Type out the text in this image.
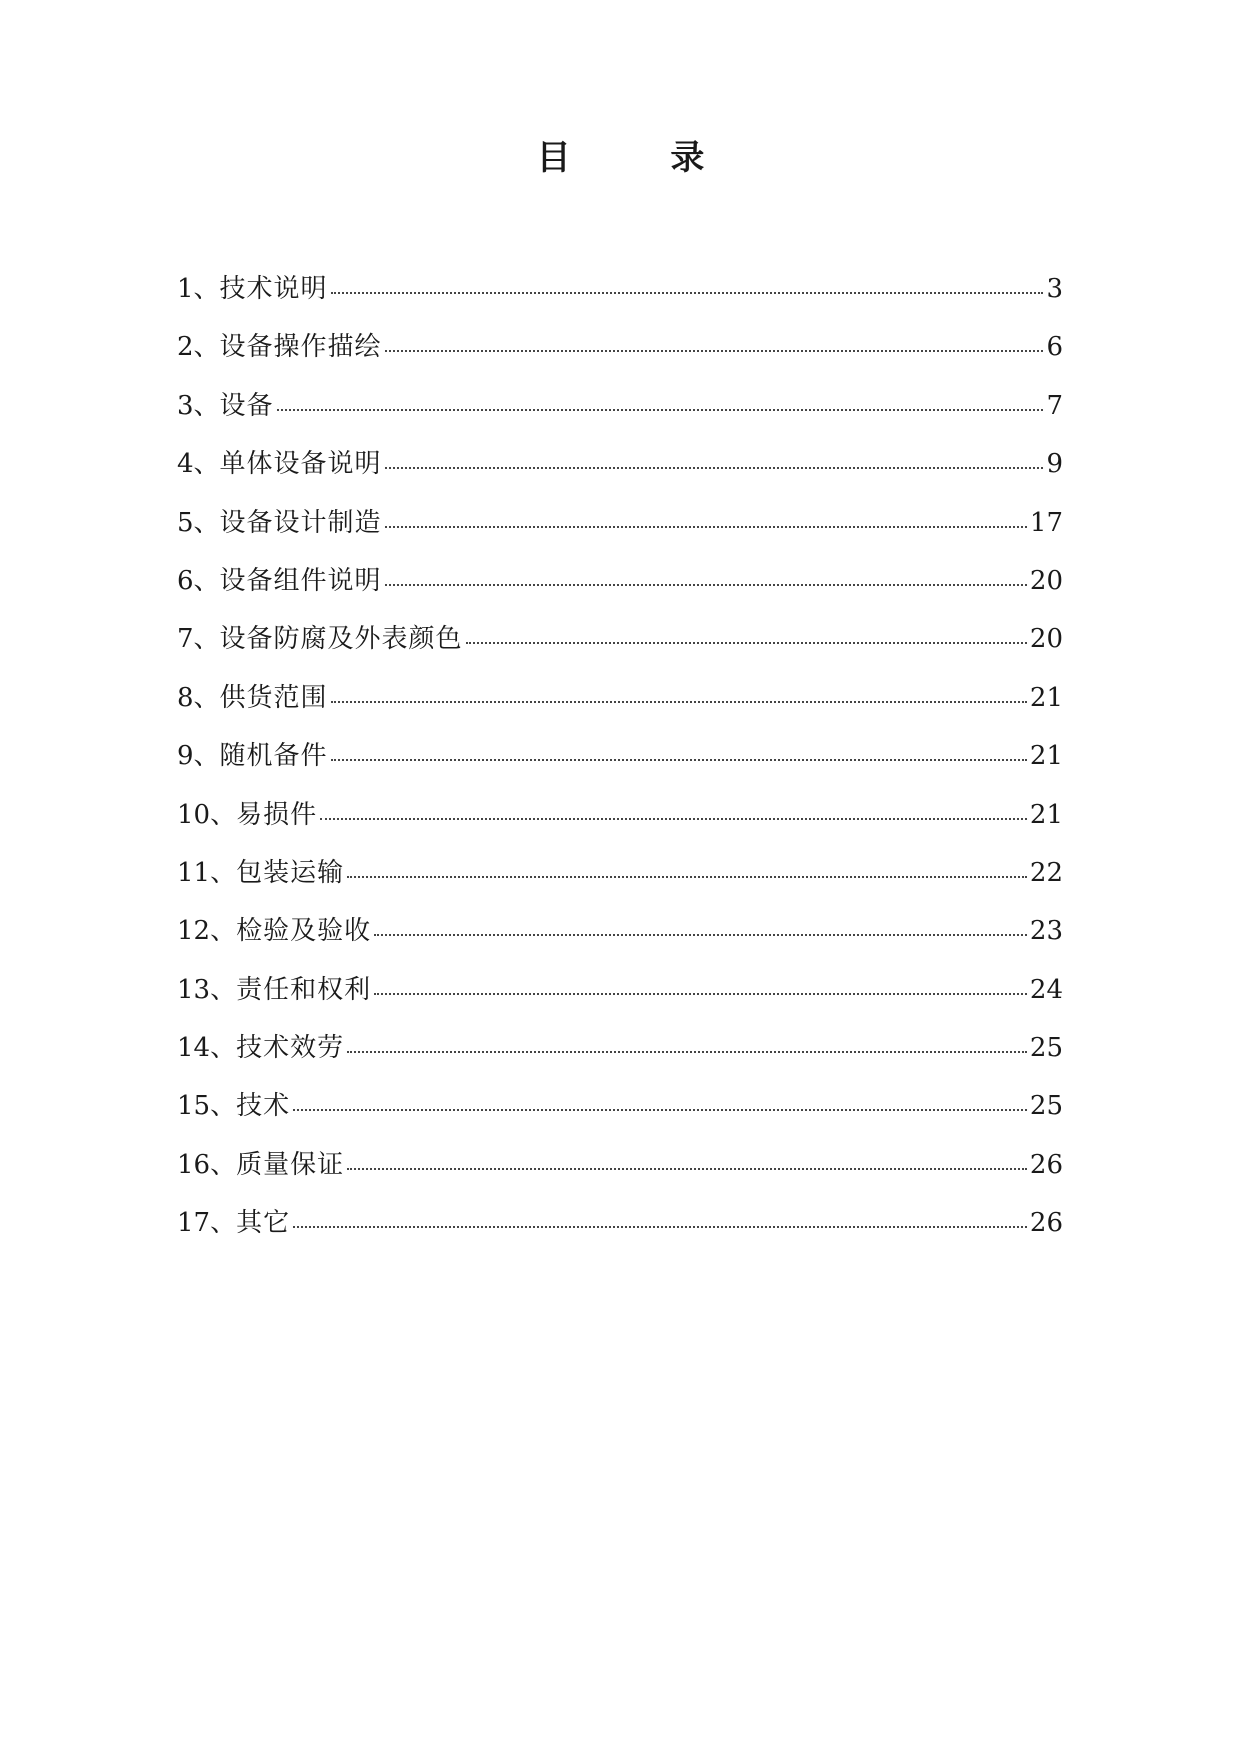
目 录
1、 技术说明	3
2、 设备操作描绘	6
3、 设备	7
4、 单体设备说明	9
5、 设备设计制造	17
6、 设备组件说明	20
7、 设备防腐及外表颜色	20
8、 供货范围	21
9、 随机备件	21
10、 易损件	21
11、 包装运输	22
12、 检验及验收	23
13、 责任和权利	24
14、 技术效劳	25
15、 技术	25
16、 质量保证	26
17、 其它	26
